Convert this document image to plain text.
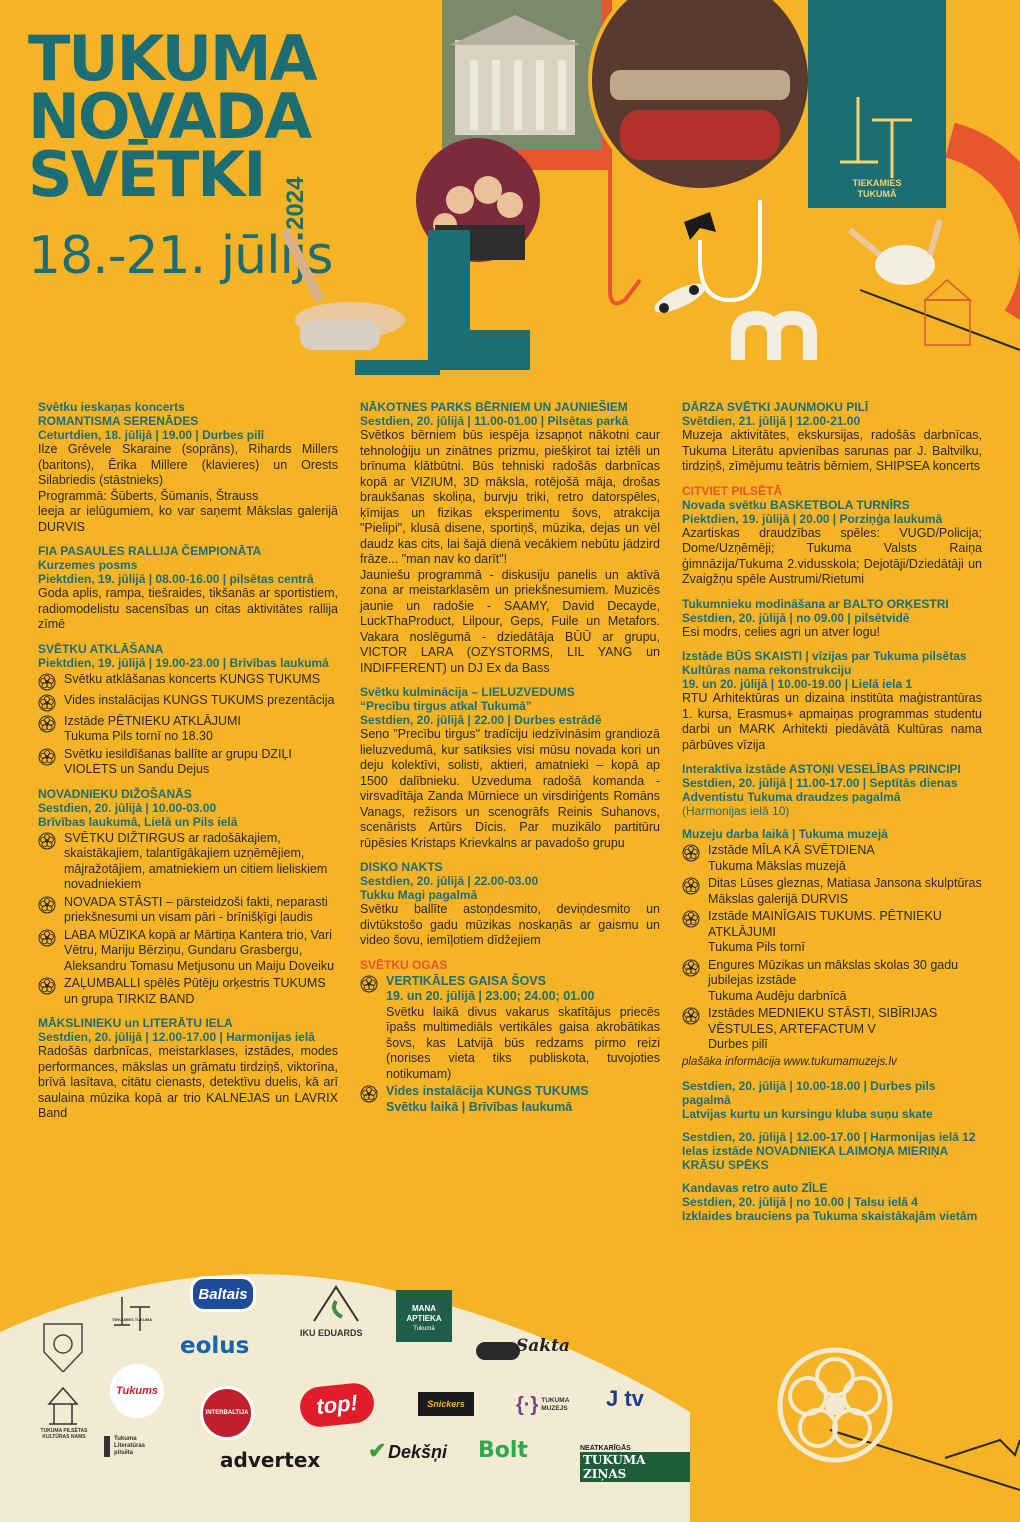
TUKUMA
NOVADA
SVĒTKI 2024
18.-21. jūlijs
TIEKAMIES
TUKUMĀ
Svētku ieskaņas koncerts
ROMANTISMA SERENĀDES
Ceturtdien, 18. jūlijā | 19.00 | Durbes pilī
Ilze Grēvele Skaraine (soprāns), Rihards Millers (baritons), Ērika Millere (klavieres) un Orests Silabriedis (stāstnieks)
Programmā: Šūberts, Šūmanis, Štrauss
leeja ar ielūgumiem, ko var saņemt Mākslas galerijā DURVIS
FIA PASAULES RALLIJA ČEMPIONĀTA
Kurzemes posms
Piektdien, 19. jūlijā | 08.00-16.00 | pilsētas centrā
Goda aplis, rampa, tiešraides, tikšanās ar sportistiem, radiomodelistu sacensības un citas aktivitātes rallija zīmē
SVĒTKU ATKLĀŠANA
Piektdien, 19. jūlijā | 19.00-23.00 | Brīvības laukumā
Svētku atklāšanas koncerts KUNGS TUKUMS
Vides instalācijas KUNGS TUKUMS prezentācija
Izstāde PĒTNIEKU ATKLĀJUMI
Tukuma Pils tornī no 18.30
Svētku iesildīšanas ballīte ar grupu DZIĻI VIOLETS un Sandu Dejus
NOVADNIEKU DIŽOŠANĀS
Sestdien, 20. jūlijā | 10.00-03.00
Brīvības laukumā, Lielā un Pils ielā
SVĒTKU DIŽTIRGUS ar radošākajiem, skaistākajiem, talantīgākajiem uzņēmējiem, mājražotājiem, amatniekiem un citiem lieliskiem novadniekiem
NOVADA STĀSTI – pārsteidzoši fakti, neparasti priekšnesumi un visam pāri - brīnišķīgi ļaudis
LABA MŪZIKA kopā ar Mārtiņa Kantera trio, Vari Vētru, Mariju Bērziņu, Gundaru Grasbergu, Aleksandru Tomasu Metjusonu un Maiju Doveiku
ZAĻUMBALLI spēlēs Pūtēju orķestris TUKUMS un grupa TIRKIZ BAND
MĀKSLINIEKU un LITERĀTU IELA
Sestdien, 20. jūlijā | 12.00-17.00 | Harmonijas ielā
Radošās darbnīcas, meistarklases, izstādes, modes performances, mākslas un grāmatu tirdziņš, viktorīna, brīvā lasītava, citātu cienasts, detektīvu duelis, kā arī saulaina mūzika kopā ar trio KALNEJAS un LAVRIX Band
NĀKOTNES PARKS BĒRNIEM UN JAUNIEŠIEM
Sestdien, 20. jūlijā | 11.00-01.00 | Pilsētas parkā
Svētkos bērniem būs iespēja izsapņot nākotni caur tehnoloģiju un zinātnes prizmu, piešķirot tai iztēli un brīnuma klātbūtni. Būs tehniski radošās darbnīcas kopā ar VIZIUM, 3D māksla, rotējošā māja, drošas braukšanas skoliņa, burvju triki, retro datorspēles, ķīmijas un fizikas eksperimentu šovs, atrakcija "Pielipi", klusā disene, sportiņš, mūzika, dejas un vēl daudz kas cits, lai šajā dienā vecākiem nebūtu jādzird frāze... "man nav ko darīt"!
Jauniešu programmā - diskusiju panelis un aktīvā zona ar meistarklasēm un priekšnesumiem. Muzicēs jaunie un radošie - SAAMY, David Decayde, LuckThaProduct, Lilpour, Geps, Fuile un Metafors. Vakara noslēgumā - dziedātāja BŪŪ ar grupu, VICTOR LARA (OZYSTORMS, LIL YANG un INDIFFERENT) un DJ Ex da Bass
Svētku kulminācija – LIELUZVEDUMS
“Precību tirgus atkal Tukumā”
Sestdien, 20. jūlijā | 22.00 | Durbes estrādē
Seno "Precību tirgus" tradīciju iedzīvināsim grandiozā lieluzvedumā, kur satiksies visi mūsu novada kori un deju kolektīvi, solisti, aktieri, amatnieki – kopā ap 1500 dalībnieku. Uzveduma radošā komanda - virsvadītāja Zanda Mūrniece un virsdiriģents Romāns Vanags, režisors un scenogrāfs Reinis Suhanovs, scenārists Artūrs Dīcis. Par muzikālo partitūru rūpēsies Kristaps Krievkalns ar pavadošo grupu
DISKO NAKTS
Sestdien, 20. jūlijā | 22.00-03.00
Tukku Magi pagalmā
Svētku ballīte astoņdesmito, deviņdesmito un divtūkstošo gadu mūzikas noskaņās ar gaismu un video šovu, iemīļotiem dīdžejiem
SVĒTKU OGAS
VERTIKĀLES GAISA ŠOVS
19. un 20. jūlijā | 23.00; 24.00; 01.00
Svētku laikā divus vakarus skatītājus priecēs īpašs multimediāls vertikāles gaisa akrobātikas šovs, kas Latvijā būs redzams pirmo reizi (norises vieta tiks publiskota, tuvojoties notikumam)
Vides instalācija KUNGS TUKUMS
Svētku laikā | Brīvības laukumā
DĀRZA SVĒTKI JAUNMOKU PILĪ
Svētdien, 21. jūlijā | 12.00-21.00
Muzeja aktivitātes, ekskursijas, radošās darbnīcas, Tukuma Literātu apvienības sarunas par J. Baltvilku, tirdziņš, zīmējumu teātris bērniem, SHIPSEA koncerts
CITVIET PILSĒTĀ
Novada svētku BASKETBOLA TURNĪRS
Piektdien, 19. jūlijā | 20.00 | Porziņģa laukumā
Azartiskas draudzības spēles: VUGD/Policija; Dome/Uzņēmēji; Tukuma Valsts Raiņa ģimnāzija/Tukuma 2.vidusskola; Dejotāji/Dziedātāji un Zvaigžņu spēle Austrumi/Rietumi
Tukumnieku modināšana ar BALTO ORĶESTRI
Sestdien, 20. jūlijā | no 09.00 | pilsētvidē
Esi modrs, celies agri un atver logu!
Izstāde BŪS SKAISTI | vīzijas par Tukuma pilsētas Kultūras nama rekonstrukciju
19. un 20. jūlijā | 10.00-19.00 | Lielā iela 1
RTU Arhitektūras un dizaina institūta maģistrantūras 1. kursa, Erasmus+ apmaiņas programmas studentu darbi un MARK Arhitekti piedāvātā Kultūras nama pārbūves vīzija
Interaktīva izstāde ASTOŅI VESELĪBAS PRINCIPI
Sestdien, 20. jūlijā | 11.00-17.00 | Septītās dienas Adventistu Tukuma draudzes pagalmā
(Harmonijas ielā 10)
Muzeju darba laikā | Tukuma muzejā
Izstāde MĪLA KĀ SVĒTDIENA
Tukuma Mākslas muzejā
Ditas Lūses gleznas, Matiasa Jansona skulptūras
Mākslas galerijā DURVIS
Izstāde MAINĪGAIS TUKUMS. PĒTNIEKU ATKLĀJUMI
Tukuma Pils tornī
Engures Mūzikas un mākslas skolas 30 gadu jubilejas izstāde
Tukuma Audēju darbnīcā
Izstādes MEDNIEKU STĀSTI, SIBĪRIJAS VĒSTULES, ARTEFACTUM V
Durbes pilī
plašāka informācija www.tukumamuzejs.lv
Sestdien, 20. jūlijā | 10.00-18.00 | Durbes pils pagalmā
Latvijas kurtu un kursingu kluba suņu skate
Sestdien, 20. jūlijā | 12.00-17.00 | Harmonijas ielā 12
Ielas izstāde NOVADNIEKA LAIMOŅA MIERIŅA KRĀSU SPĒKS
Kandavas retro auto ZĪLE
Sestdien, 20. jūlijā | no 10.00 | Talsu ielā 4
Izklaides brauciens pa Tukuma skaistākajām vietām
TIEKAMIES TUKUMĀ
Baltais
eolus	IKU EDUARDS
MANA APTIEKA
Tukumā
Sakta
Tukums
TUKUMA PILSĒTAS KULTŪRAS NAMS	Tukuma Literatūras pilsēta
INTERBALTIJA	top!	Snickers	{·} TUKUMA MUZEJS	J tv
advertex ✔ Dekšņi Bolt	NEATKARĪGĀS
TUKUMA ZIŅAS
